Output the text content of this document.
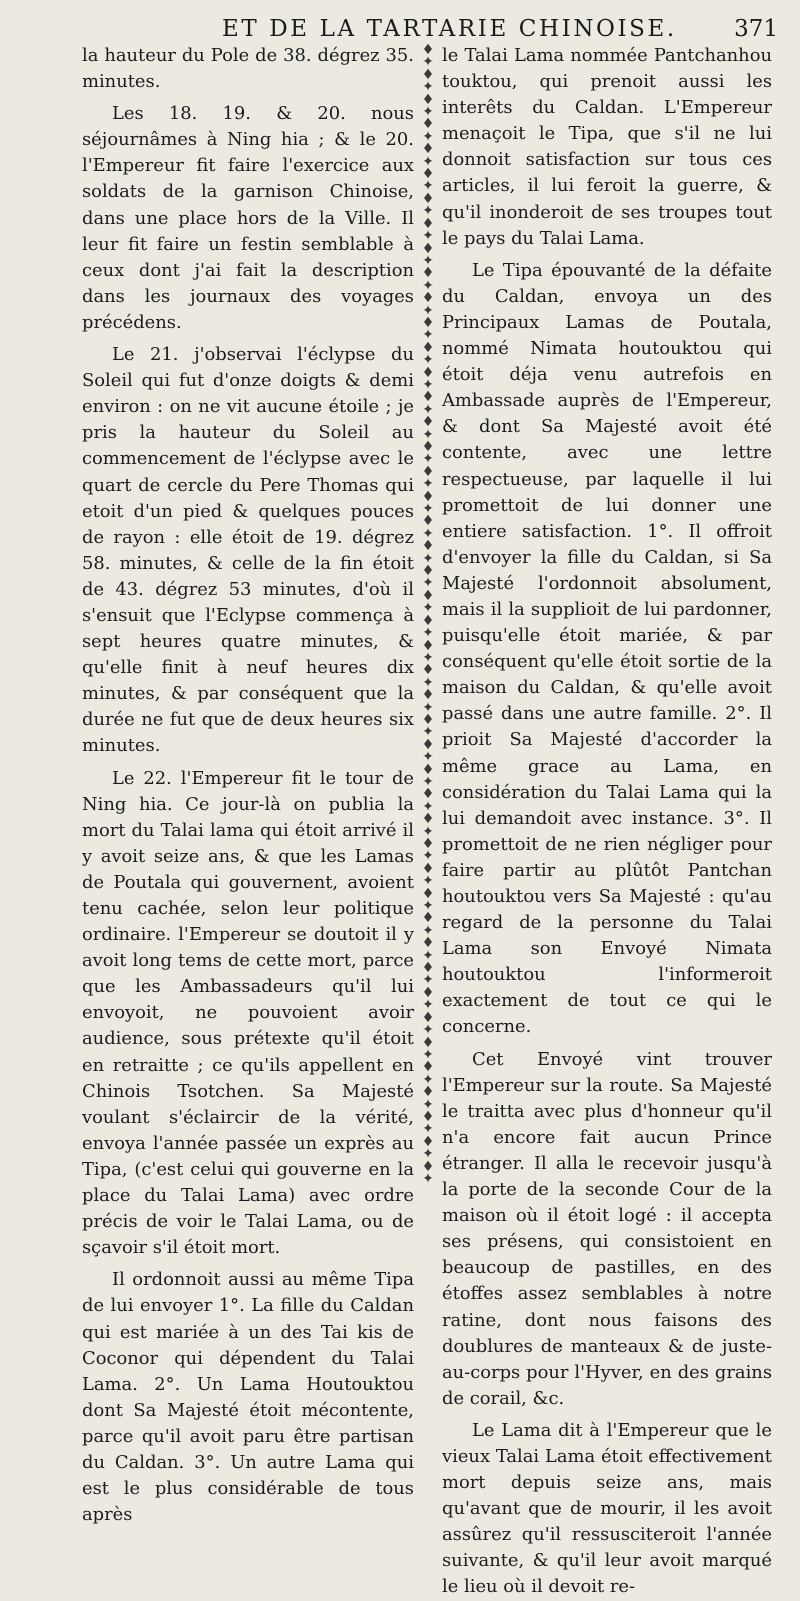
ET DE LA TARTARIE CHINOISE. 371

la hauteur du Pole de 38. dégrez 35. minutes.

Les 18. 19. & 20. nous séjournâmes à Ning hia ; & le 20. l'Empereur fit faire l'exercice aux soldats de la garnison Chinoise, dans une place hors de la Ville. Il leur fit faire un festin semblable à ceux dont j'ai fait la description dans les journaux des voyages précédens.

Le 21. j'observai l'éclypse du Soleil qui fut d'onze doigts & demi environ : on ne vit aucune étoile ; je pris la hauteur du Soleil au commencement de l'éclypse avec le quart de cercle du Pere Thomas qui etoit d'un pied & quelques pouces de rayon : elle étoit de 19. dégrez 58. minutes, & celle de la fin étoit de 43. dégrez 53 minutes, d'où il s'ensuit que l'Eclypse commença à sept heures quatre minutes, & qu'elle finit à neuf heures dix minutes, & par conséquent que la durée ne fut que de deux heures six minutes.

Le 22. l'Empereur fit le tour de Ning hia. Ce jour-là on publia la mort du Talai lama qui étoit arrivé il y avoit seize ans, & que les Lamas de Poutala qui gouvernent, avoient tenu cachée, selon leur politique ordinaire. l'Empereur se doutoit il y avoit long tems de cette mort, parce que les Ambassadeurs qu'il lui envoyoit, ne pouvoient avoir audience, sous prétexte qu'il étoit en retraitte ; ce qu'ils appellent en Chinois Tsotchen. Sa Majesté voulant s'éclaircir de la vérité, envoya l'année passée un exprès au Tipa, (c'est celui qui gouverne en la place du Talai Lama) avec ordre précis de voir le Talai Lama, ou de sçavoir s'il étoit mort.

Il ordonnoit aussi au même Tipa de lui envoyer 1°. La fille du Caldan qui est mariée à un des Tai kis de Coconor qui dépendent du Talai Lama. 2°. Un Lama Houtouktou dont Sa Majesté étoit mécontente, parce qu'il avoit paru être partisan du Caldan. 3°. Un autre Lama qui est le plus considérable de tous après

♦
✦
♦
✦
♦
✦
♦
✦
♦
✦
♦
✦
♦
✦
♦
✦
♦
✦
♦
✦
♦
✦
♦
✦
♦
✦
♦
✦
♦
✦
♦
✦
♦
✦
♦
✦
♦
✦
♦
✦
♦
✦
♦
✦
♦
✦
♦
✦
♦
✦
♦
✦
♦
✦
♦
✦
♦
✦
♦
✦
♦
✦
♦
✦
♦
✦
♦
✦
♦
✦
♦
✦
♦
✦
♦
✦
♦
✦
♦
✦
♦
✦
♦
✦
♦
✦
♦
✦
♦
✦
♦
✦

le Talai Lama nommée Pantchanhou touktou, qui prenoit aussi les interêts du Caldan. L'Empereur menaçoit le Tipa, que s'il ne lui donnoit satisfaction sur tous ces articles, il lui feroit la guerre, & qu'il inonderoit de ses troupes tout le pays du Talai Lama.

Le Tipa épouvanté de la défaite du Caldan, envoya un des Principaux Lamas de Poutala, nommé Nimata houtouktou qui étoit déja venu autrefois en Ambassade auprès de l'Empereur, & dont Sa Majesté avoit été contente, avec une lettre respectueuse, par laquelle il lui promettoit de lui donner une entiere satisfaction. 1°. Il offroit d'envoyer la fille du Caldan, si Sa Majesté l'ordonnoit absolument, mais il la supplioit de lui pardonner, puisqu'elle étoit mariée, & par conséquent qu'elle étoit sortie de la maison du Caldan, & qu'elle avoit passé dans une autre famille. 2°. Il prioit Sa Majesté d'accorder la même grace au Lama, en considération du Talai Lama qui la lui demandoit avec instance. 3°. Il promettoit de ne rien négliger pour faire partir au plûtôt Pantchan houtouktou vers Sa Majesté : qu'au regard de la personne du Talai Lama son Envoyé Nimata houtouktou l'informeroit exactement de tout ce qui le concerne.

Cet Envoyé vint trouver l'Empereur sur la route. Sa Majesté le traitta avec plus d'honneur qu'il n'a encore fait aucun Prince étranger. Il alla le recevoir jusqu'à la porte de la seconde Cour de la maison où il étoit logé : il accepta ses présens, qui consistoient en beaucoup de pastilles, en des étoffes assez semblables à notre ratine, dont nous faisons des doublures de manteaux & de juste-au-corps pour l'Hyver, en des grains de corail, &c.

Le Lama dit à l'Empereur que le vieux Talai Lama étoit effectivement mort depuis seize ans, mais qu'avant que de mourir, il les avoit assûrez qu'il ressusciteroit l'année suivante, & qu'il leur avoit marqué le lieu où il devoit re-
